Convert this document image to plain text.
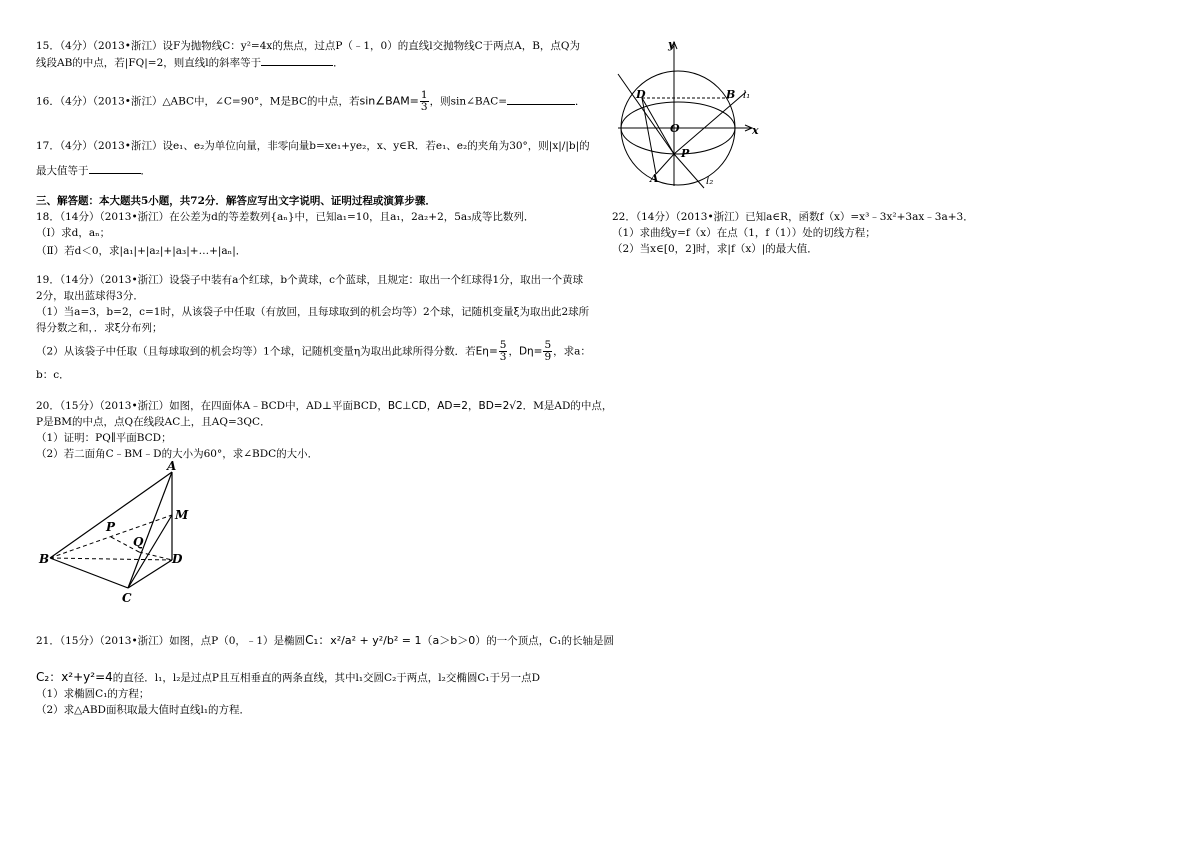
15．（4分）（2013•浙江）设F为抛物线C：y²=4x的焦点，过点P（﹣1，0）的直线l交抛物线C于两点A，B，点Q为

线段AB的中点，若|FQ|=2，则直线l的斜率等于	．

16．（4分）（2013•浙江）△ABC中，∠C=90°，M是BC的中点，若sin∠BAM= $\frac{1}{3}$ ，则sin∠BAC=	．

17．（4分）（2013•浙江）设e₁、e₂为单位向量，非零向量b=xe₁+ye₂，x、y∈R．若e₁、e₂的夹角为30°，则|x|/|b|的

最大值等于	．

三、解答题：本大题共5小题，共72分．解答应写出文字说明、证明过程或演算步骤．

18．（14分）（2013•浙江）在公差为d的等差数列{aₙ}中，已知a₁=10，且a₁，2a₂+2，5a₃成等比数列．

（Ⅰ）求d，aₙ；

（Ⅱ）若d＜0，求|a₁|+|a₂|+|a₃|+…+|aₙ|．

19．（14分）（2013•浙江）设袋子中装有a个红球，b个黄球，c个蓝球，且规定：取出一个红球得1分，取出一个黄球

2分，取出蓝球得3分．

（1）当a=3，b=2，c=1时，从该袋子中任取（有放回，且每球取到的机会均等）2个球，记随机变量ξ为取出此2球所

得分数之和，．求ξ分布列；

（2）从该袋子中任取（且每球取到的机会均等）1个球，记随机变量η为取出此球所得分数．若$E\eta= \frac{5}{3}$ ，$D\eta= \frac{5}{9}$ ，求a：

b：c．

20．（15分）（2013•浙江）如图，在四面体A﹣BCD中，AD⊥平面BCD，BC⊥CD，AD=2，BD=2√2．M是AD的中点，

P是BM的中点，点Q在线段AC上，且AQ=3QC．

（1）证明：PQ∥平面BCD；

（2）若二面角C﹣BM﹣D的大小为60°，求∠BDC的大小．

A
M
P
Q
B	D
C

21．（15分）（2013•浙江）如图，点P（0，﹣1）是椭圆C₁：x²/a² + y²/b² = 1（a＞b＞0）的一个顶点，C₁的长轴是圆

C₂：x²+y²=4的直径．l₁，l₂是过点P且互相垂直的两条直线，其中l₁交圆C₂于两点，l₂交椭圆C₁于另一点D

（1）求椭圆C₁的方程；

（2）求△ABD面积取最大值时直线l₁的方程．

y
x
O
D	B l₁
P
A	l₂

22．（14分）（2013•浙江）已知a∈R，函数f（x）=x³﹣3x²+3ax﹣3a+3．

（1）求曲线y=f（x）在点（1，f（1））处的切线方程；

（2）当x∈[0，2]时，求|f（x）|的最大值．
